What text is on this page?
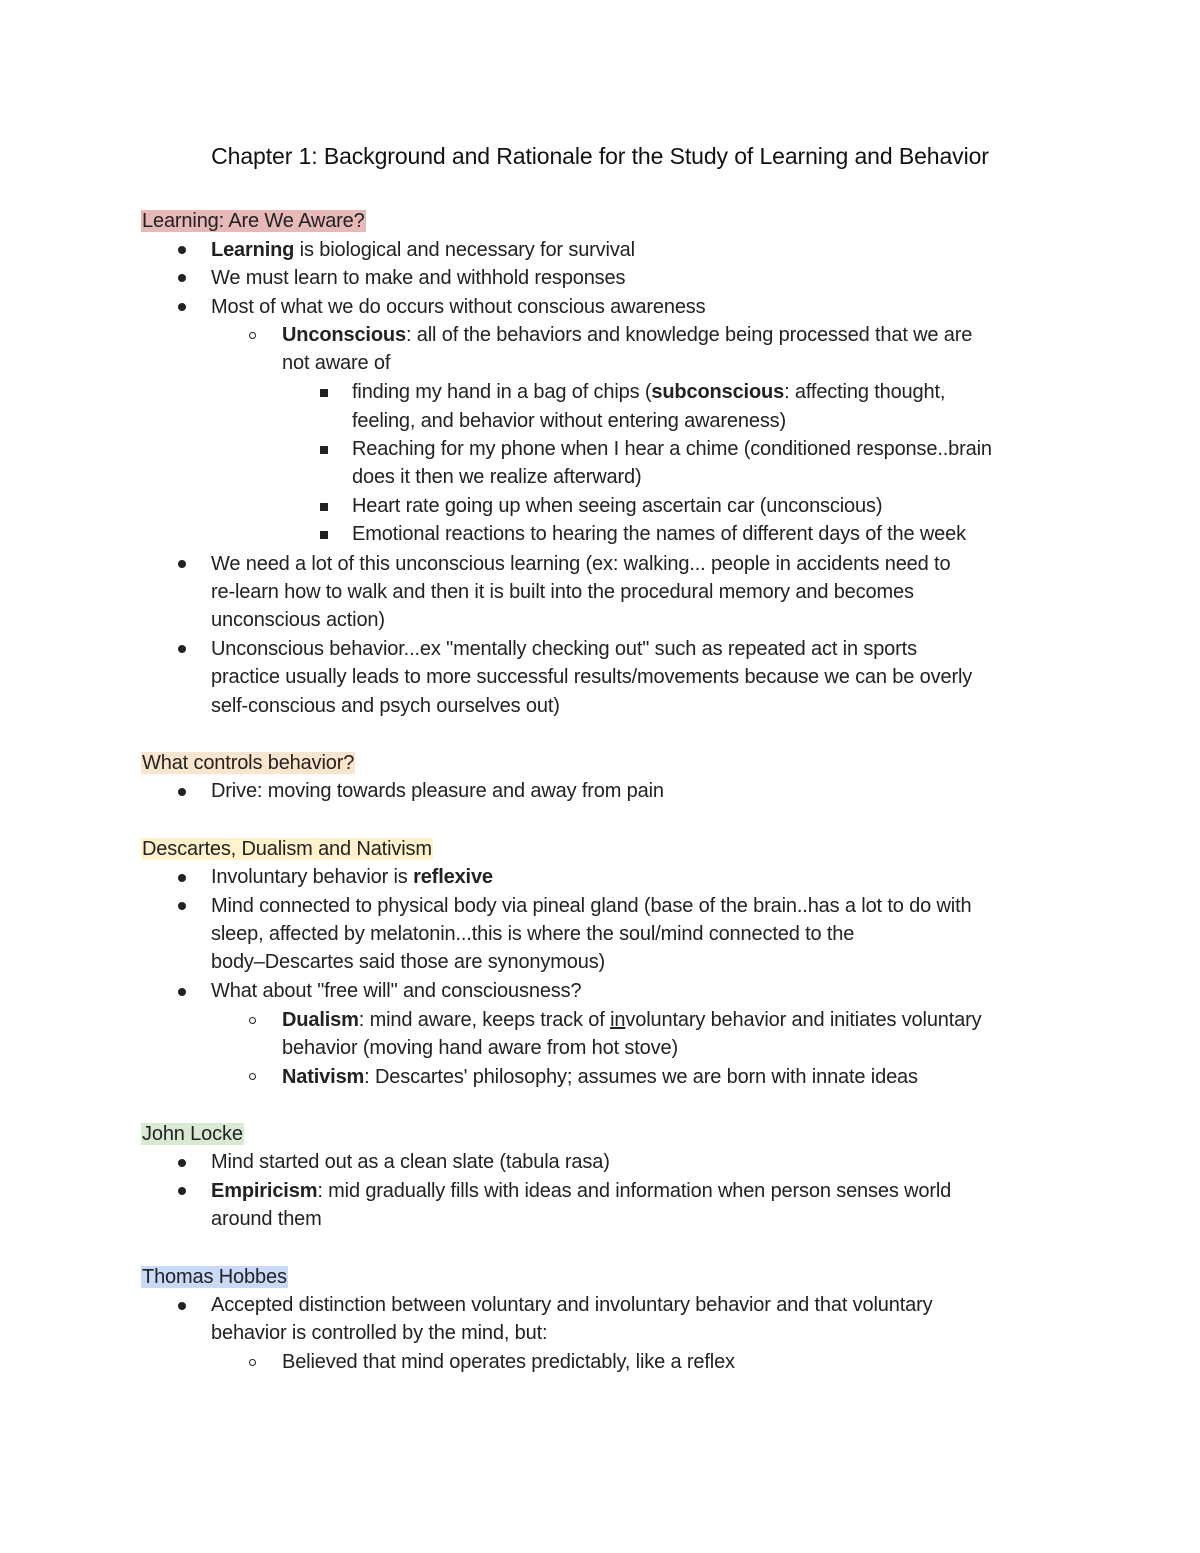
Chapter 1: Background and Rationale for the Study of Learning and Behavior
Learning: Are We Aware?
Learning is biological and necessary for survival
We must learn to make and withhold responses
Most of what we do occurs without conscious awareness
Unconscious: all of the behaviors and knowledge being processed that we are
not aware of
finding my hand in a bag of chips (subconscious: affecting thought,
feeling, and behavior without entering awareness)
Reaching for my phone when I hear a chime (conditioned response..brain
does it then we realize afterward)
Heart rate going up when seeing ascertain car (unconscious)
Emotional reactions to hearing the names of different days of the week
We need a lot of this unconscious learning (ex: walking... people in accidents need to
re-learn how to walk and then it is built into the procedural memory and becomes
unconscious action)
Unconscious behavior...ex "mentally checking out" such as repeated act in sports
practice usually leads to more successful results/movements because we can be overly
self-conscious and psych ourselves out)
What controls behavior?
Drive: moving towards pleasure and away from pain
Descartes, Dualism and Nativism
Involuntary behavior is reflexive
Mind connected to physical body via pineal gland (base of the brain..has a lot to do with
sleep, affected by melatonin...this is where the soul/mind connected to the
body–Descartes said those are synonymous)
What about "free will" and consciousness?
Dualism: mind aware, keeps track of involuntary behavior and initiates voluntary
behavior (moving hand aware from hot stove)
Nativism: Descartes' philosophy; assumes we are born with innate ideas
John Locke
Mind started out as a clean slate (tabula rasa)
Empiricism: mid gradually fills with ideas and information when person senses world
around them
Thomas Hobbes
Accepted distinction between voluntary and involuntary behavior and that voluntary
behavior is controlled by the mind, but:
Believed that mind operates predictably, like a reflex
